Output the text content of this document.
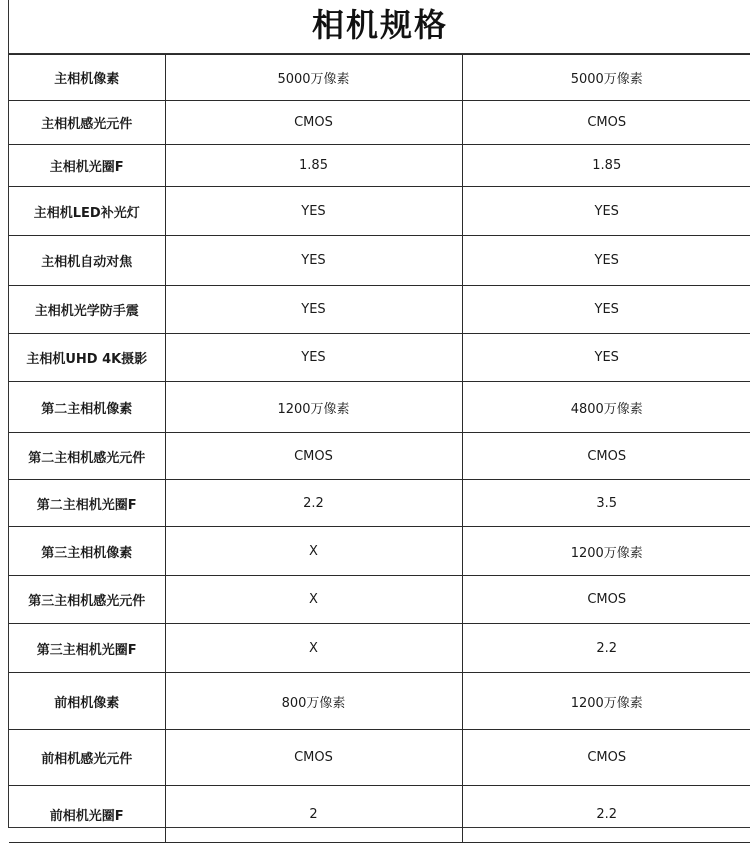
相机规格
主相机像素	5000万像素	5000万像素
主相机感光元件	CMOS	CMOS
主相机光圈F	1.85	1.85
主相机LED补光灯	YES	YES
主相机自动对焦	YES	YES
主相机光学防手震	YES	YES
主相机UHD 4K摄影	YES	YES
第二主相机像素	1200万像素	4800万像素
第二主相机感光元件	CMOS	CMOS
第二主相机光圈F	2.2	3.5
第三主相机像素	X	1200万像素
第三主相机感光元件	X	CMOS
第三主相机光圈F	X	2.2
前相机像素	800万像素	1200万像素
前相机感光元件	CMOS	CMOS
前相机光圈F	2	2.2
